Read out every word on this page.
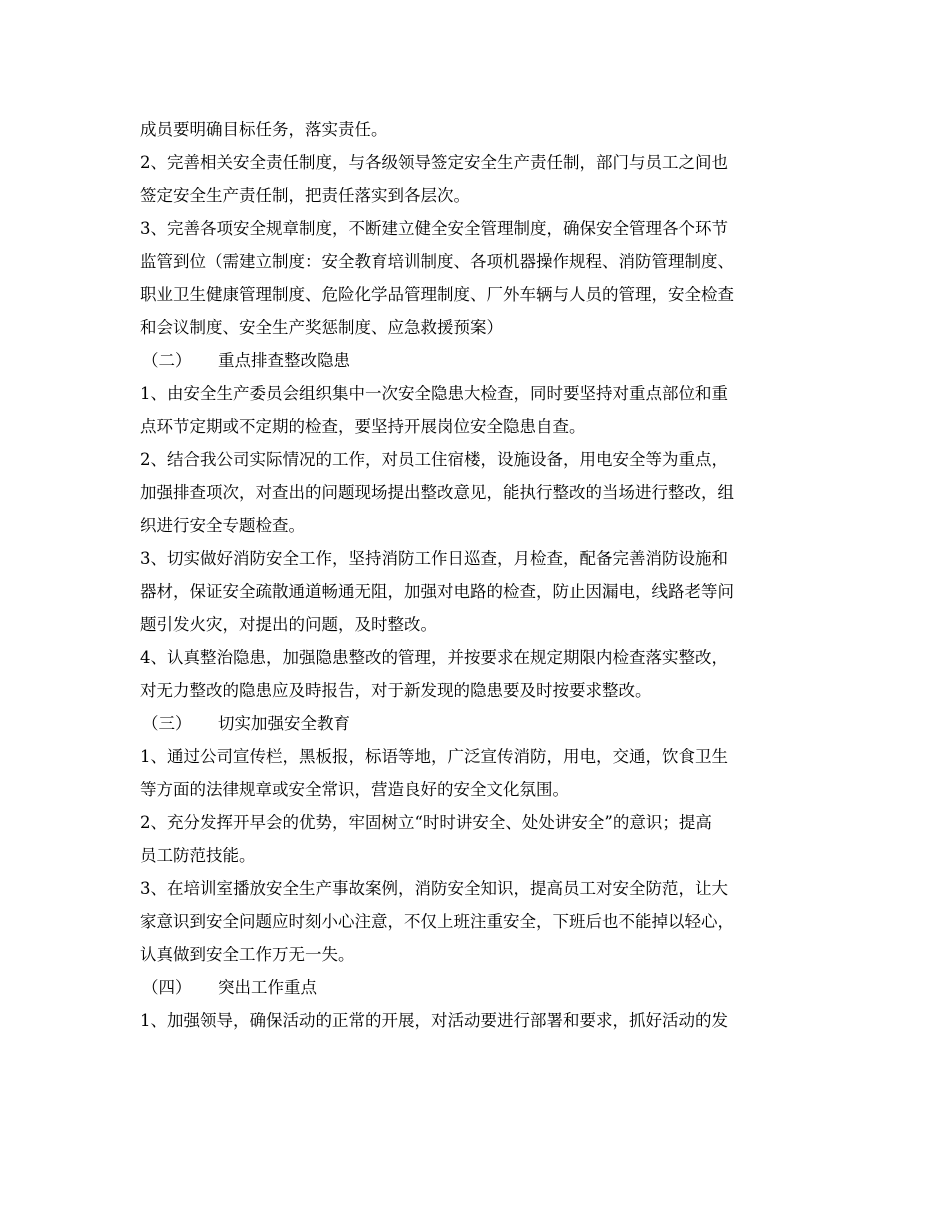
成员要明确目标任务，落实责任。
2、完善相关安全责任制度，与各级领导签定安全生产责任制，部门与员工之间也
签定安全生产责任制，把责任落实到各层次。
3、完善各项安全规章制度，不断建立健全安全管理制度，确保安全管理各个环节
监管到位（需建立制度：安全教育培训制度、各项机器操作规程、消防管理制度、
职业卫生健康管理制度、危险化学品管理制度、厂外车辆与人员的管理，安全检查
和会议制度、安全生产奖惩制度、应急救援预案）
（二） 重点排查整改隐患
1、由安全生产委员会组织集中一次安全隐患大检查，同时要坚持对重点部位和重
点环节定期或不定期的检查，要坚持开展岗位安全隐患自查。
2、结合我公司实际情况的工作，对员工住宿楼，设施设备，用电安全等为重点，
加强排查项次，对查出的问题现场提出整改意见，能执行整改的当场进行整改，组
织进行安全专题检查。
3、切实做好消防安全工作，坚持消防工作日巡查，月检查，配备完善消防设施和
器材，保证安全疏散通道畅通无阻，加强对电路的检查，防止因漏电，线路老等问
题引发火灾，对提出的问题，及时整改。
4、认真整治隐患，加强隐患整改的管理，并按要求在规定期限内检查落实整改，
对无力整改的隐患应及時报告，对于新发现的隐患要及时按要求整改。
（三） 切实加强安全教育
1、通过公司宣传栏，黑板报，标语等地，广泛宣传消防，用电，交通，饮食卫生
等方面的法律规章或安全常识，营造良好的安全文化氛围。
2、充分发挥开早会的优势，牢固树立“时时讲安全、处处讲安全”的意识；提高
员工防范技能。
3、在培训室播放安全生产事故案例，消防安全知识，提高员工对安全防范，让大
家意识到安全问题应时刻小心注意，不仅上班注重安全，下班后也不能掉以轻心，
认真做到安全工作万无一失。
（四） 突出工作重点
1、加强领导，确保活动的正常的开展，对活动要进行部署和要求，抓好活动的发
